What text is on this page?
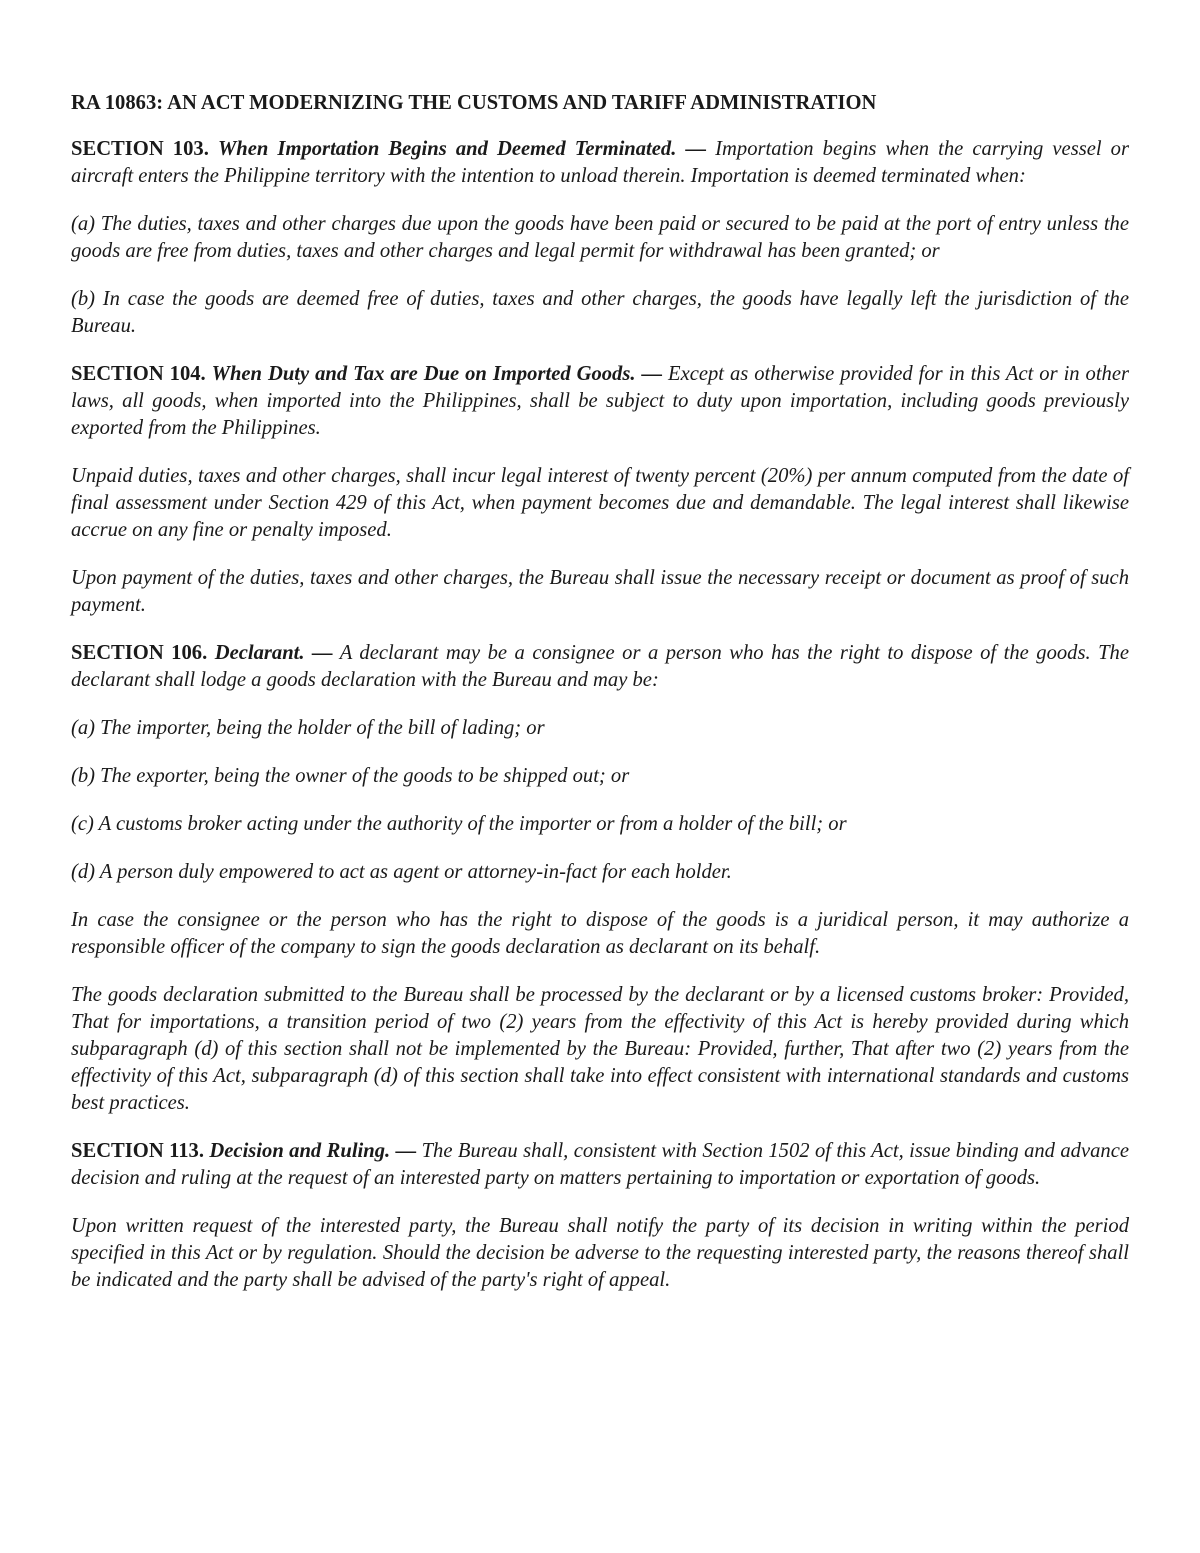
RA 10863: AN ACT MODERNIZING THE CUSTOMS AND TARIFF ADMINISTRATION

SECTION 103. When Importation Begins and Deemed Terminated. — Importation begins when the carrying vessel or aircraft enters the Philippine territory with the intention to unload therein. Importation is deemed terminated when:

(a) The duties, taxes and other charges due upon the goods have been paid or secured to be paid at the port of entry unless the goods are free from duties, taxes and other charges and legal permit for withdrawal has been granted; or

(b) In case the goods are deemed free of duties, taxes and other charges, the goods have legally left the jurisdiction of the Bureau.

SECTION 104. When Duty and Tax are Due on Imported Goods. — Except as otherwise provided for in this Act or in other laws, all goods, when imported into the Philippines, shall be subject to duty upon importation, including goods previously exported from the Philippines.

Unpaid duties, taxes and other charges, shall incur legal interest of twenty percent (20%) per annum computed from the date of final assessment under Section 429 of this Act, when payment becomes due and demandable. The legal interest shall likewise accrue on any fine or penalty imposed.

Upon payment of the duties, taxes and other charges, the Bureau shall issue the necessary receipt or document as proof of such payment.

SECTION 106. Declarant. — A declarant may be a consignee or a person who has the right to dispose of the goods. The declarant shall lodge a goods declaration with the Bureau and may be:

(a) The importer, being the holder of the bill of lading; or

(b) The exporter, being the owner of the goods to be shipped out; or

(c) A customs broker acting under the authority of the importer or from a holder of the bill; or

(d) A person duly empowered to act as agent or attorney-in-fact for each holder.

In case the consignee or the person who has the right to dispose of the goods is a juridical person, it may authorize a responsible officer of the company to sign the goods declaration as declarant on its behalf.

The goods declaration submitted to the Bureau shall be processed by the declarant or by a licensed customs broker: Provided, That for importations, a transition period of two (2) years from the effectivity of this Act is hereby provided during which subparagraph (d) of this section shall not be implemented by the Bureau: Provided, further, That after two (2) years from the effectivity of this Act, subparagraph (d) of this section shall take into effect consistent with international standards and customs best practices.

SECTION 113. Decision and Ruling. — The Bureau shall, consistent with Section 1502 of this Act, issue binding and advance decision and ruling at the request of an interested party on matters pertaining to importation or exportation of goods.

Upon written request of the interested party, the Bureau shall notify the party of its decision in writing within the period specified in this Act or by regulation. Should the decision be adverse to the requesting interested party, the reasons thereof shall be indicated and the party shall be advised of the party's right of appeal.
